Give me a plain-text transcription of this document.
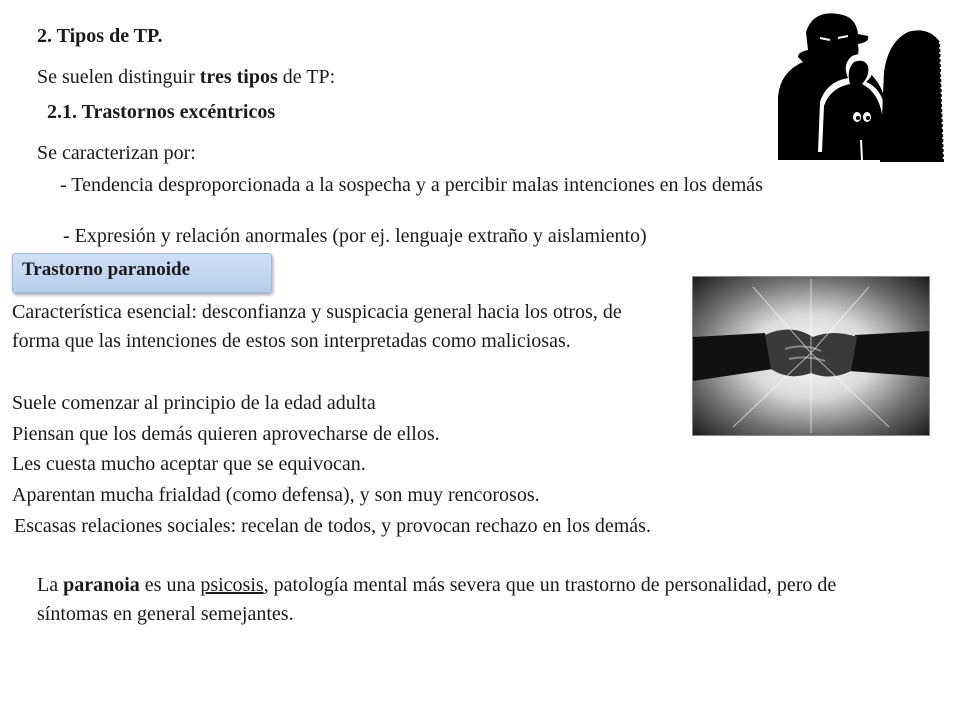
2. Tipos de TP.
Se suelen distinguir tres tipos de TP:
2.1. Trastornos excéntricos
Se caracterizan por:
- Tendencia desproporcionada a la sospecha y a percibir malas intenciones en los demás
- Expresión y relación anormales (por ej. lenguaje extraño y aislamiento)
Trastorno paranoide
Característica esencial: desconfianza y suspicacia general hacia los otros, de forma que las intenciones de estos son interpretadas como maliciosas.
Suele comenzar al principio de la edad adulta
Piensan que los demás quieren aprovecharse de ellos.
Les cuesta mucho aceptar que se equivocan.
Aparentan mucha frialdad (como defensa), y son muy rencorosos.
Escasas relaciones sociales: recelan de todos, y provocan rechazo en los demás.
La paranoia es una psicosis, patología mental más severa que un trastorno de personalidad, pero de síntomas en general semejantes.
